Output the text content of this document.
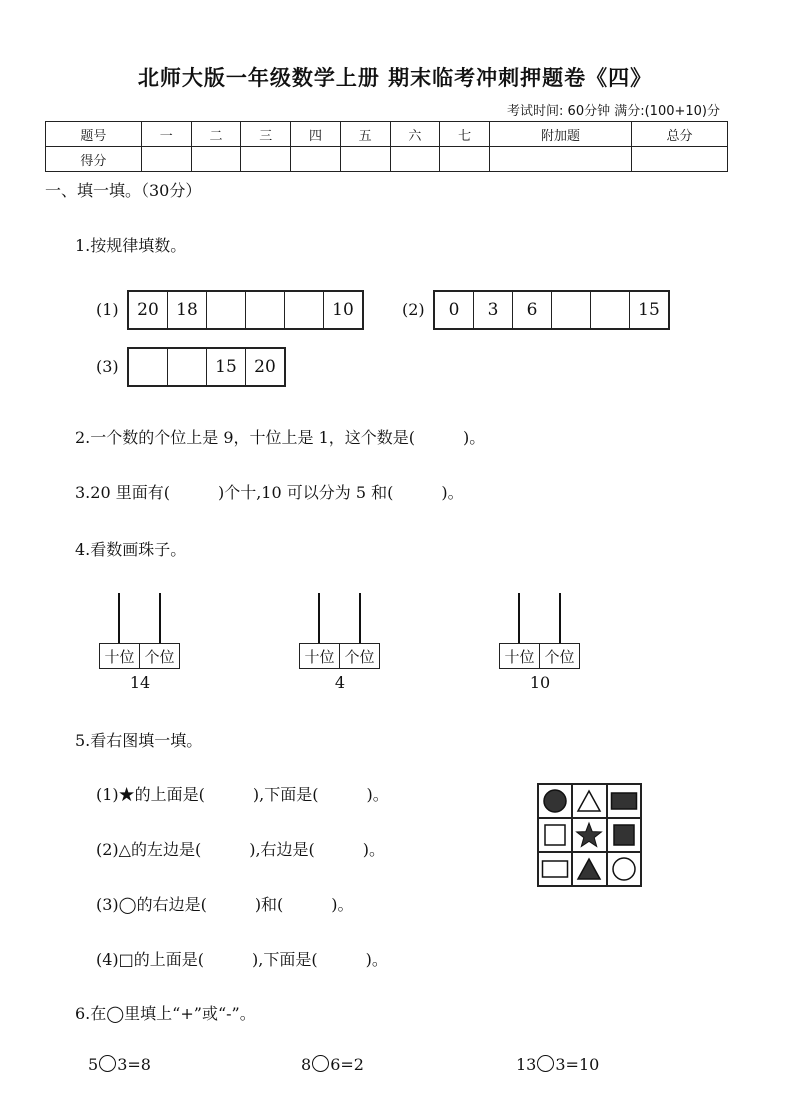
北师大版一年级数学上册 期末临考冲刺押题卷《四》
考试时间: 60分钟 满分:(100+10)分
题号	一	二	三	四	五	六	七	附加题	总分
得分									
一、填一填。（30分）
1.按规律填数。
(1)	20	18	10	(2)	0	3	6	15
(3)	15	20
2.一个数的个位上是 9，十位上是 1，这个数是(　　　)。
3.20 里面有(　　　)个十,10 可以分为 5 和(　　　)。
4.看数画珠子。
十位 个位
14
十位 个位
4
十位 个位
10
5.看右图填一填。
(1)★的上面是(　　　),下面是(　　　)。
(2)△的左边是(　　　),右边是(　　　)。
(3)◯的右边是(　　　)和(　　　)。
(4)□的上面是(　　　),下面是(　　　)。
6.在◯里填上“+”或“-”。
5 3=8	8 6=2	13 3=10
